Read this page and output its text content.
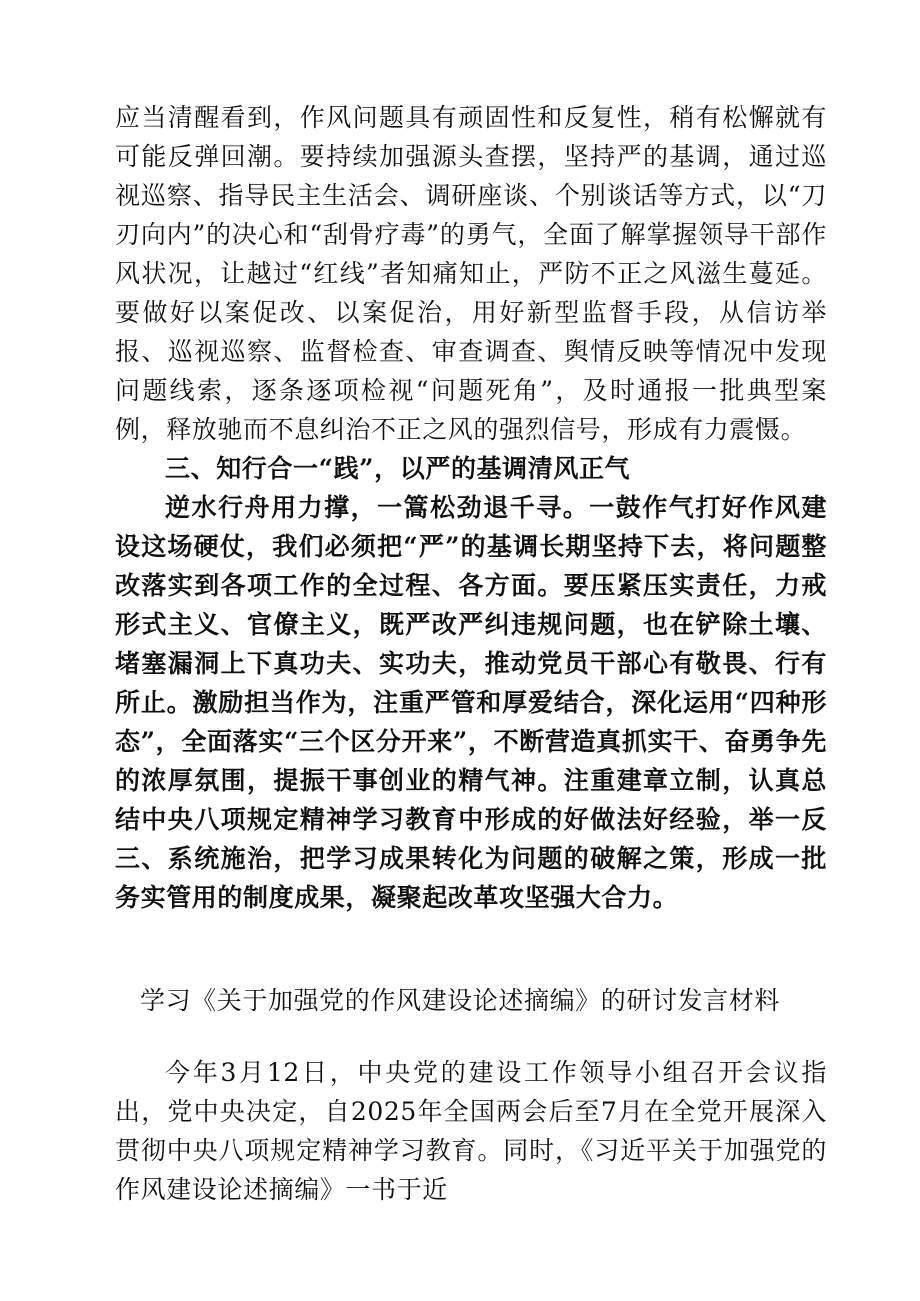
应当清醒看到，作风问题具有顽固性和反复性，稍有松懈就有可能反弹回潮。要持续加强源头查摆，坚持严的基调，通过巡视巡察、指导民主生活会、调研座谈、个别谈话等方式，以“刀刃向内”的决心和“刮骨疗毒”的勇气，全面了解掌握领导干部作风状况，让越过“红线”者知痛知止，严防不正之风滋生蔓延。要做好以案促改、以案促治，用好新型监督手段，从信访举报、巡视巡察、监督检查、审查调查、舆情反映等情况中发现问题线索，逐条逐项检视“问题死角”，及时通报一批典型案例，释放驰而不息纠治不正之风的强烈信号，形成有力震慑。

三、知行合一“践”，以严的基调清风正气

逆水行舟用力撑，一篙松劲退千寻。一鼓作气打好作风建设这场硬仗，我们必须把“严”的基调长期坚持下去，将问题整改落实到各项工作的全过程、各方面。要压紧压实责任，力戒形式主义、官僚主义，既严改严纠违规问题，也在铲除土壤、堵塞漏洞上下真功夫、实功夫，推动党员干部心有敬畏、行有所止。激励担当作为，注重严管和厚爱结合，深化运用“四种形态”，全面落实“三个区分开来”，不断营造真抓实干、奋勇争先的浓厚氛围，提振干事创业的精气神。注重建章立制，认真总结中央八项规定精神学习教育中形成的好做法好经验，举一反三、系统施治，把学习成果转化为问题的破解之策，形成一批务实管用的制度成果，凝聚起改革攻坚强大合力。

学习《关于加强党的作风建设论述摘编》的研讨发言材料

今年3月12日，中央党的建设工作领导小组召开会议指出，党中央决定，自2025年全国两会后至7月在全党开展深入贯彻中央八项规定精神学习教育。同时，《习近平关于加强党的作风建设论述摘编》一书于近
